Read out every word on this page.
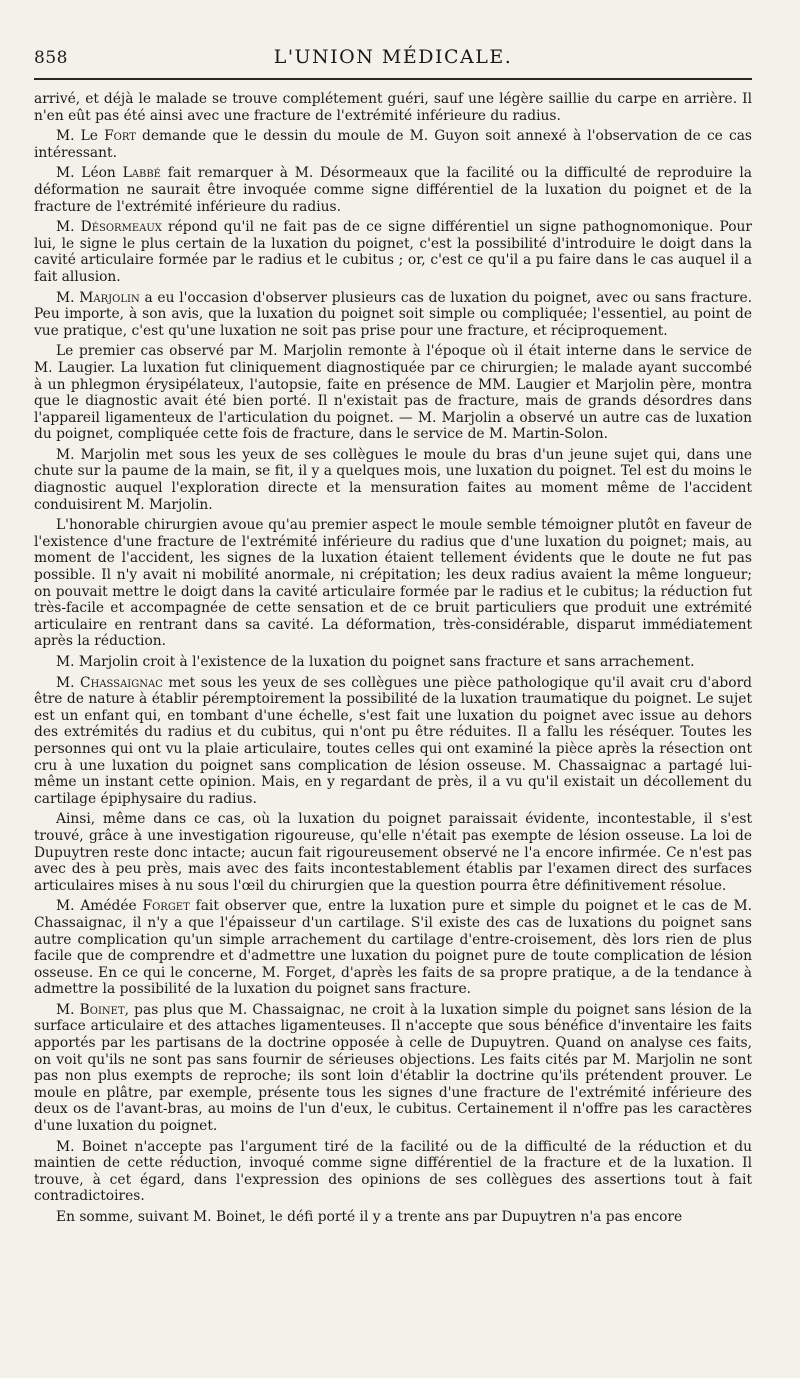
858	L'UNION MÉDICALE.

arrivé, et déjà le malade se trouve complétement guéri, sauf une légère saillie du carpe en arrière. Il n'en eût pas été ainsi avec une fracture de l'extrémité inférieure du radius.

M. Le Fort demande que le dessin du moule de M. Guyon soit annexé à l'observation de ce cas intéressant.

M. Léon Labbé fait remarquer à M. Désormeaux que la facilité ou la difficulté de reproduire la déformation ne saurait être invoquée comme signe différentiel de la luxation du poignet et de la fracture de l'extrémité inférieure du radius.

M. Désormeaux répond qu'il ne fait pas de ce signe différentiel un signe pathognomonique. Pour lui, le signe le plus certain de la luxation du poignet, c'est la possibilité d'introduire le doigt dans la cavité articulaire formée par le radius et le cubitus ; or, c'est ce qu'il a pu faire dans le cas auquel il a fait allusion.

M. Marjolin a eu l'occasion d'observer plusieurs cas de luxation du poignet, avec ou sans fracture. Peu importe, à son avis, que la luxation du poignet soit simple ou compliquée; l'essentiel, au point de vue pratique, c'est qu'une luxation ne soit pas prise pour une fracture, et réciproquement.

Le premier cas observé par M. Marjolin remonte à l'époque où il était interne dans le service de M. Laugier. La luxation fut cliniquement diagnostiquée par ce chirurgien; le malade ayant succombé à un phlegmon érysipélateux, l'autopsie, faite en présence de MM. Laugier et Marjolin père, montra que le diagnostic avait été bien porté. Il n'existait pas de fracture, mais de grands désordres dans l'appareil ligamenteux de l'articulation du poignet. — M. Marjolin a observé un autre cas de luxation du poignet, compliquée cette fois de fracture, dans le service de M. Martin-Solon.

M. Marjolin met sous les yeux de ses collègues le moule du bras d'un jeune sujet qui, dans une chute sur la paume de la main, se fit, il y a quelques mois, une luxation du poignet. Tel est du moins le diagnostic auquel l'exploration directe et la mensuration faites au moment même de l'accident conduisirent M. Marjolin.

L'honorable chirurgien avoue qu'au premier aspect le moule semble témoigner plutôt en faveur de l'existence d'une fracture de l'extrémité inférieure du radius que d'une luxation du poignet; mais, au moment de l'accident, les signes de la luxation étaient tellement évidents que le doute ne fut pas possible. Il n'y avait ni mobilité anormale, ni crépitation; les deux radius avaient la même longueur; on pouvait mettre le doigt dans la cavité articulaire formée par le radius et le cubitus; la réduction fut très-facile et accompagnée de cette sensation et de ce bruit particuliers que produit une extrémité articulaire en rentrant dans sa cavité. La déformation, très-considérable, disparut immédiatement après la réduction.

M. Marjolin croit à l'existence de la luxation du poignet sans fracture et sans arrachement.

M. Chassaignac met sous les yeux de ses collègues une pièce pathologique qu'il avait cru d'abord être de nature à établir péremptoirement la possibilité de la luxation traumatique du poignet. Le sujet est un enfant qui, en tombant d'une échelle, s'est fait une luxation du poignet avec issue au dehors des extrémités du radius et du cubitus, qui n'ont pu être réduites. Il a fallu les réséquer. Toutes les personnes qui ont vu la plaie articulaire, toutes celles qui ont examiné la pièce après la résection ont cru à une luxation du poignet sans complication de lésion osseuse. M. Chassaignac a partagé lui-même un instant cette opinion. Mais, en y regardant de près, il a vu qu'il existait un décollement du cartilage épiphysaire du radius.

Ainsi, même dans ce cas, où la luxation du poignet paraissait évidente, incontestable, il s'est trouvé, grâce à une investigation rigoureuse, qu'elle n'était pas exempte de lésion osseuse. La loi de Dupuytren reste donc intacte; aucun fait rigoureusement observé ne l'a encore infirmée. Ce n'est pas avec des à peu près, mais avec des faits incontestablement établis par l'examen direct des surfaces articulaires mises à nu sous l'œil du chirurgien que la question pourra être définitivement résolue.

M. Amédée Forget fait observer que, entre la luxation pure et simple du poignet et le cas de M. Chassaignac, il n'y a que l'épaisseur d'un cartilage. S'il existe des cas de luxations du poignet sans autre complication qu'un simple arrachement du cartilage d'entre-croisement, dès lors rien de plus facile que de comprendre et d'admettre une luxation du poignet pure de toute complication de lésion osseuse. En ce qui le concerne, M. Forget, d'après les faits de sa propre pratique, a de la tendance à admettre la possibilité de la luxation du poignet sans fracture.

M. Boinet, pas plus que M. Chassaignac, ne croit à la luxation simple du poignet sans lésion de la surface articulaire et des attaches ligamenteuses. Il n'accepte que sous bénéfice d'inventaire les faits apportés par les partisans de la doctrine opposée à celle de Dupuytren. Quand on analyse ces faits, on voit qu'ils ne sont pas sans fournir de sérieuses objections. Les faits cités par M. Marjolin ne sont pas non plus exempts de reproche; ils sont loin d'établir la doctrine qu'ils prétendent prouver. Le moule en plâtre, par exemple, présente tous les signes d'une fracture de l'extrémité inférieure des deux os de l'avant-bras, au moins de l'un d'eux, le cubitus. Certainement il n'offre pas les caractères d'une luxation du poignet.

M. Boinet n'accepte pas l'argument tiré de la facilité ou de la difficulté de la réduction et du maintien de cette réduction, invoqué comme signe différentiel de la fracture et de la luxation. Il trouve, à cet égard, dans l'expression des opinions de ses collègues des assertions tout à fait contradictoires.

En somme, suivant M. Boinet, le défi porté il y a trente ans par Dupuytren n'a pas encore
